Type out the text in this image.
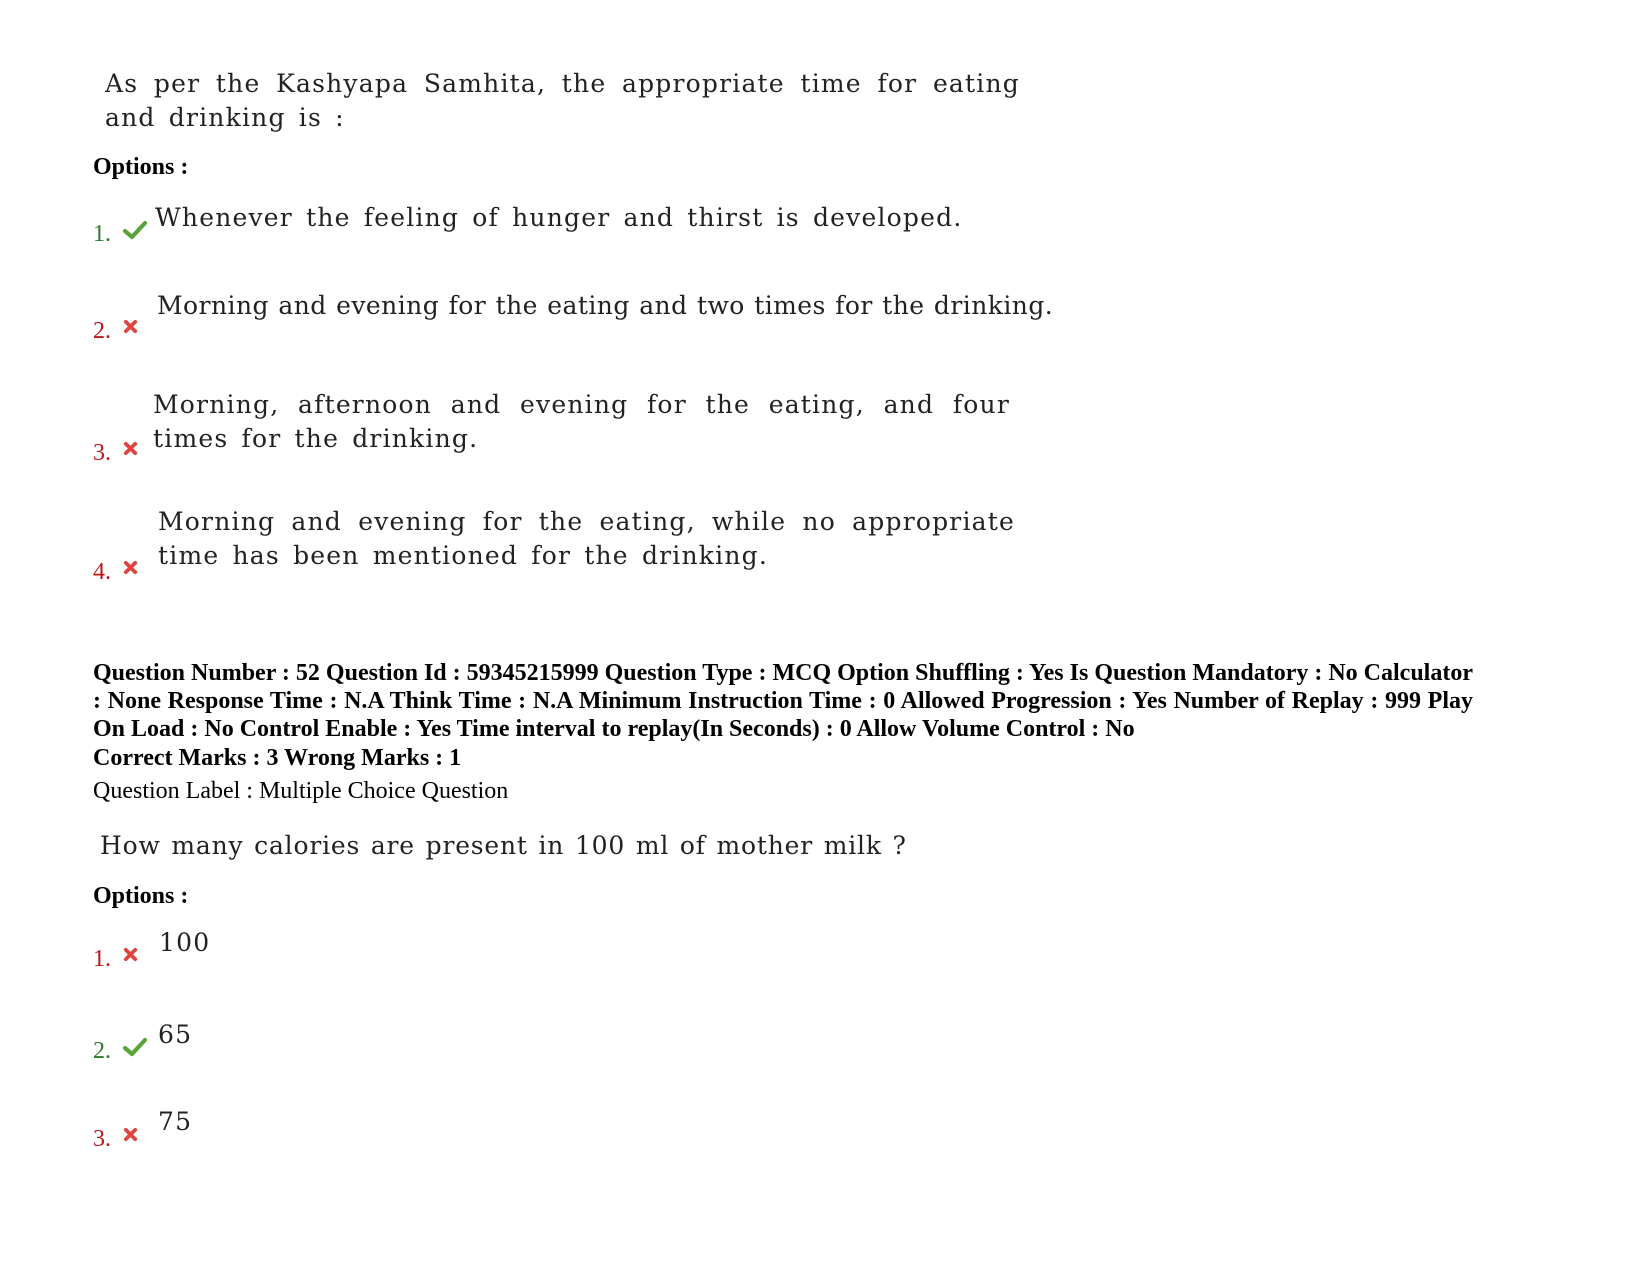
As per the Kashyapa Samhita, the appropriate time for eating and drinking is :
Options :
1.
Whenever the feeling of hunger and thirst is developed.
2.
Morning and evening for the eating and two times for the drinking.
3.
Morning, afternoon and evening for the eating, and four times for the drinking.
4.
Morning and evening for the eating, while no appropriate time has been mentioned for the drinking.
Question Number : 52 Question Id : 59345215999 Question Type : MCQ Option Shuffling : Yes Is Question Mandatory : No Calculator : None Response Time : N.A Think Time : N.A Minimum Instruction Time : 0 Allowed Progression : Yes Number of Replay : 999 Play On Load : No Control Enable : Yes Time interval to replay(In Seconds) : 0 Allow Volume Control : No
Correct Marks : 3 Wrong Marks : 1
Question Label : Multiple Choice Question
How many calories are present in 100 ml of mother milk ?
Options :
1.
100
2.
65
3.
75
